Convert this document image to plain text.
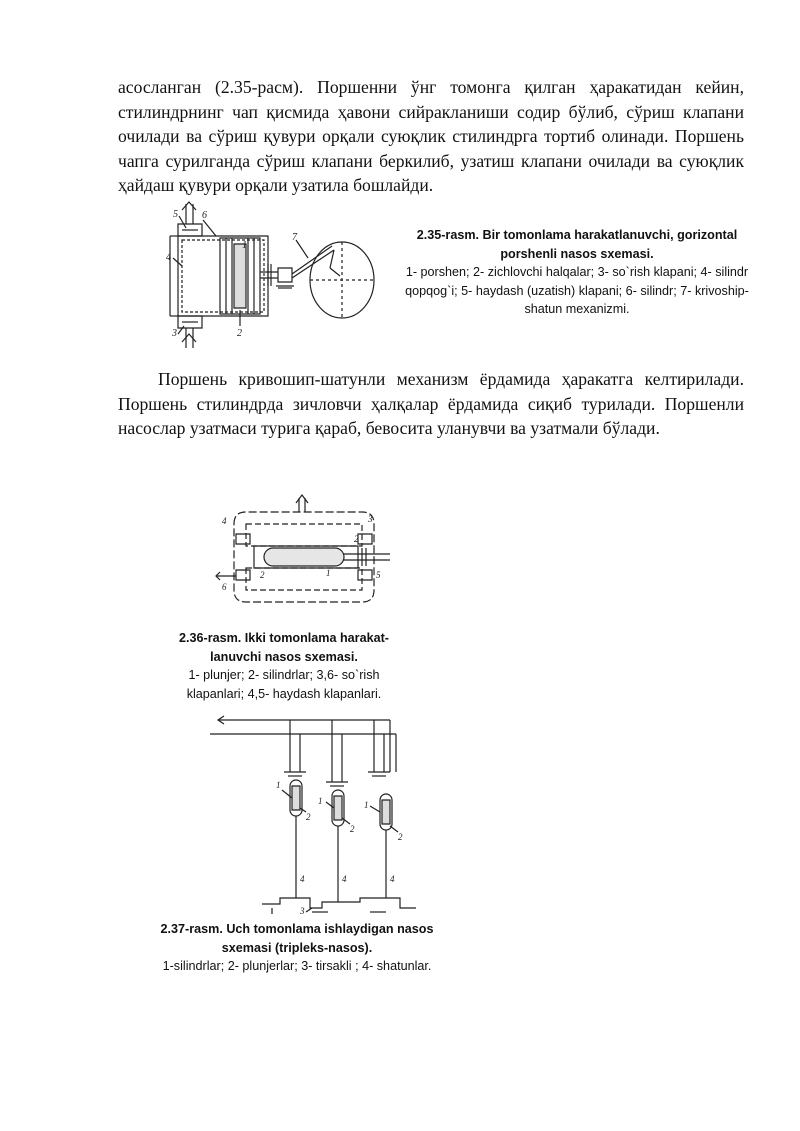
асосланган (2.35-расм). Поршенни ўнг томонга қилган ҳаракатидан кейин, стилиндрнинг чап қисмида ҳавони сийракланиши содир бўлиб, сўриш клапани очилади ва сўриш қувури орқали суюқлик стилиндрга тортиб олинади. Поршень чапга сурилганда сўриш клапани беркилиб, узатиш клапани очилади ва суюқлик ҳайдаш қувури орқали узатила бошлайди.

5 6
1
4
3	2
7	2.35-rasm. Bir tomonlama harakatlanuvchi, gorizontal porshenli nasos sxemasi.
1- porshen; 2- zichlovchi halqalar; 3- so`rish klapani; 4- silindr qopqog`i; 5- haydash (uzatish) klapani; 6- silindr; 7- krivoship-shatun mexanizmi.

Поршень кривошип-шатунли механизм ёрдамида ҳаракатга келтирилади. Поршень стилиндрда зичловчи ҳалқалар ёрдамида сиқиб турилади. Поршенли насослар узатмаси турига қараб, бевосита уланувчи ва узатмали бўлади.

3
2
1
2	5
4
6
2.36-rasm. Ikki tomonlama harakat-lanuvchi nasos sxemasi.
1- plunjer; 2- silindrlar; 3,6- so`rish klapanlari; 4,5- haydash klapanlari.
1
2
1
2
1
2
4	4	4
3
2.37-rasm. Uch tomonlama ishlaydigan nasos sxemasi (tripleks-nasos).
1-silindrlar; 2- plunjerlar; 3- tirsakli ; 4- shatunlar.
